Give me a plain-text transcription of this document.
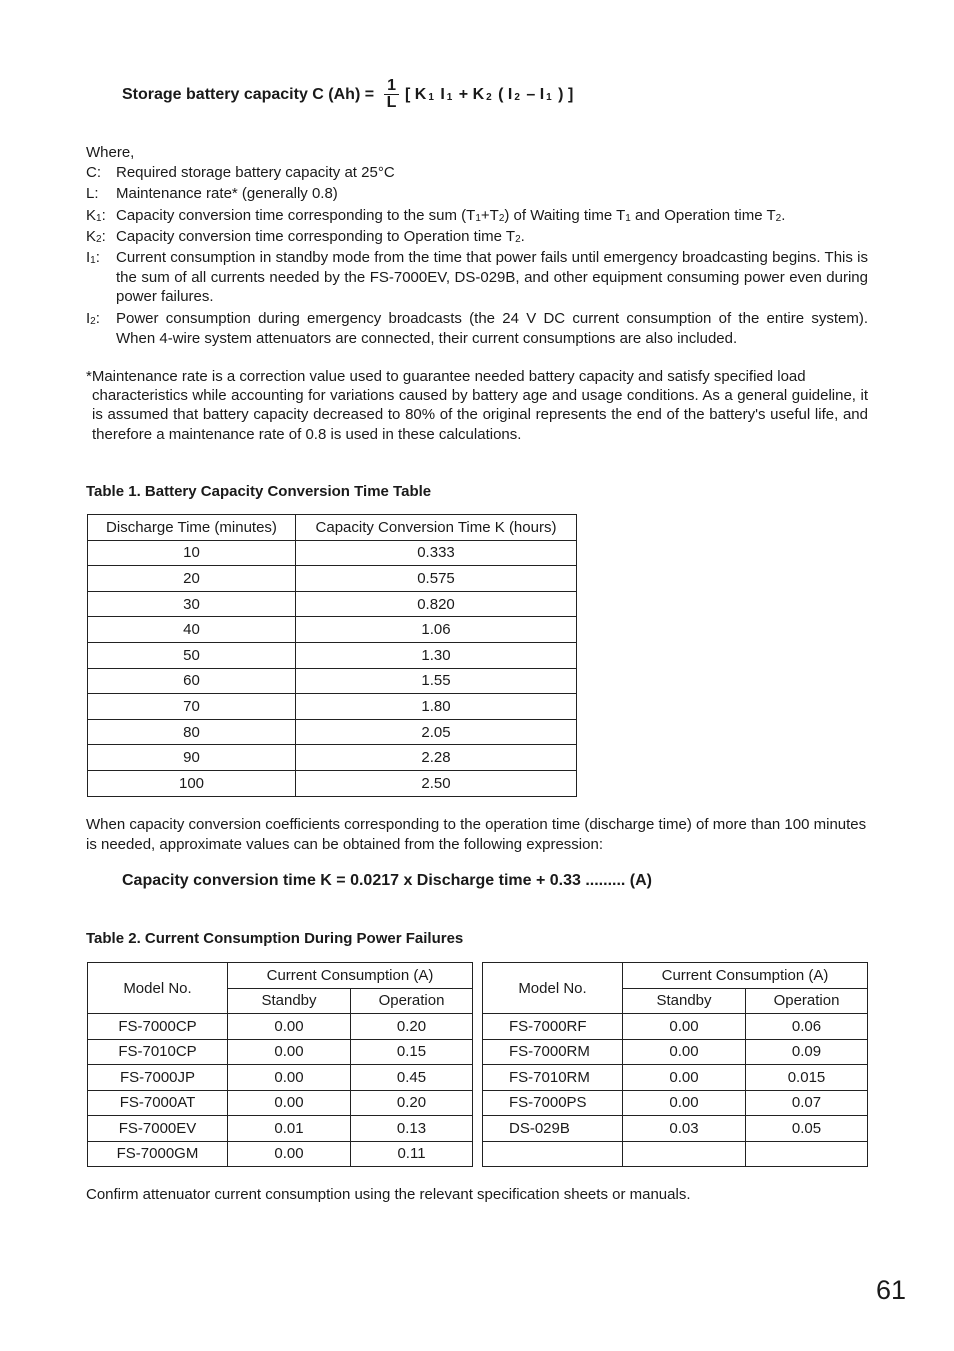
Storage battery capacity C $(Ah) = \frac{1}{L}$ [ K $_1$ I $_1$ + K $_2$ ( I $_2$ – I $_1$ ) ]
Where,
C:	Required storage battery capacity at 25°C
L:	Maintenance rate* (generally 0.8)
$K_1$: Capacity conversion time corresponding to the sum $(T_1+T_2)$ of Waiting time $T_1$ and Operation time $T_2$.
$K_2$: Capacity conversion time corresponding to Operation time $T_2$.
$I_1$:	Current consumption in standby mode from the time that power fails until emergency broadcasting begins. This is the sum of all currents needed by the FS-7000EV, DS-029B, and other equipment consuming power even during power failures.
$I_2$:	Power consumption during emergency broadcasts (the 24 V DC current consumption of the entire system). When 4-wire system attenuators are connected, their current consumptions are also included.
*Maintenance rate is a correction value used to guarantee needed battery capacity and satisfy specified load
characteristics while accounting for variations caused by battery age and usage conditions. As a general guideline, it is assumed that battery capacity decreased to 80% of the original represents the end of the battery's useful life, and therefore a maintenance rate of 0.8 is used in these calculations.
Table 1. Battery Capacity Conversion Time Table
Discharge Time (minutes)	Capacity Conversion Time K (hours)
10	0.333
20	0.575
30	0.820
40	1.06
50	1.30
60	1.55
70	1.80
80	2.05
90	2.28
100	2.50
When capacity conversion coefficients corresponding to the operation time (discharge time) of more than 100 minutes is needed, approximate values can be obtained from the following expression:
Capacity conversion time K = 0.0217 x Discharge time + 0.33 ......... (A)
Table 2. Current Consumption During Power Failures
Model No.	Current Consumption (A)	
	Standby	Operation
FS-7000CP	0.00	0.20
FS-7010CP	0.00	0.15
FS-7000JP	0.00	0.45
FS-7000AT	0.00	0.20
FS-7000EV	0.01	0.13
FS-7000GM	0.00	0.11
Model No.	Current Consumption (A)	
	Standby	Operation
FS-7000RF	0.00	0.06
FS-7000RM	0.00	0.09
FS-7010RM	0.00	0.015
FS-7000PS	0.00	0.07
DS-029B	0.03	0.05

Confirm attenuator current consumption using the relevant specification sheets or manuals.
61
